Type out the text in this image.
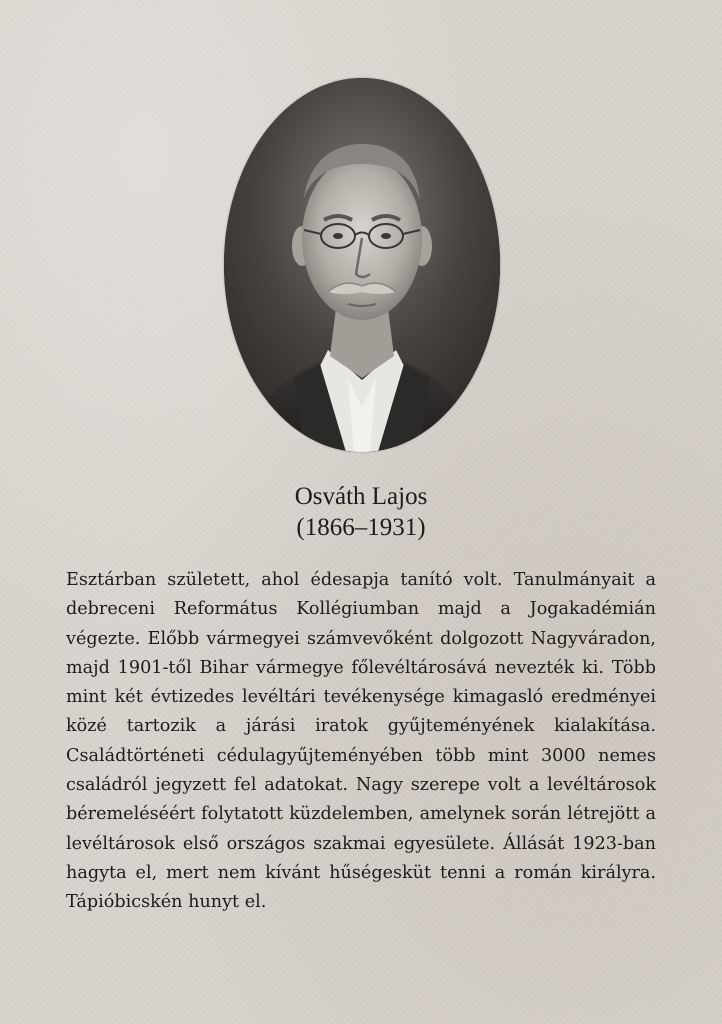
Osváth Lajos
(1866–1931)

Esztárban született, ahol édesapja tanító volt. Tanulmányait a debreceni Református Kollégiumban majd a Jogakadémián végezte. Előbb vármegyei számvevőként dolgozott Nagyváradon, majd 1901-től Bihar vármegye főlevéltárosává nevezték ki. Több mint két évtizedes levéltári tevékenysége kimagasló eredményei közé tartozik a járási iratok gyűjteményének kialakítása. Családtörténeti cédulagyűjteményében több mint 3000 nemes családról jegyzett fel adatokat. Nagy szerepe volt a levéltárosok béremeléséért folytatott küzdelemben, amelynek során létrejött a levéltárosok első országos szakmai egyesülete. Állását 1923-ban hagyta el, mert nem kívánt hűségesküt tenni a román királyra. Tápióbicskén hunyt el.
